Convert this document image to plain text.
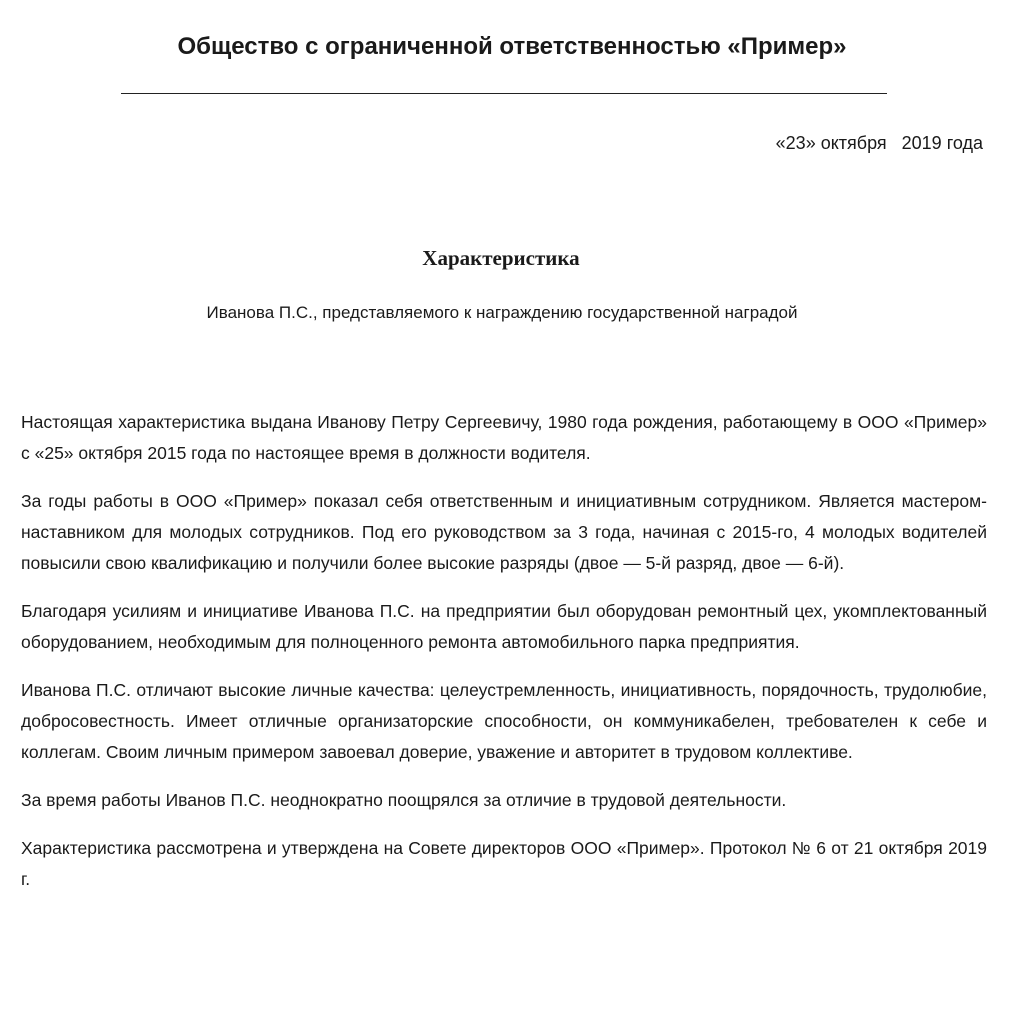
Общество с ограниченной ответственностью «Пример»
«23» октября   2019 года
Характеристика
Иванова П.С., представляемого к награждению государственной наградой

Настоящая характеристика выдана Иванову Петру Сергеевичу, 1980 года рождения, работающему в ООО «Пример» с «25» октября 2015 года по настоящее время в должности водителя.

За годы работы в ООО «Пример» показал себя ответственным и инициативным сотрудником. Является мастером-наставником для молодых сотрудников. Под его руководством за 3 года, начиная с 2015-го, 4 молодых водителей повысили свою квалификацию и получили более высокие разряды (двое — 5-й разряд, двое — 6-й).

Благодаря усилиям и инициативе Иванова П.С. на предприятии был оборудован ремонтный цех, укомплектованный оборудованием, необходимым для полноценного ремонта автомобильного парка предприятия.

Иванова П.С. отличают высокие личные качества: целеустремленность, инициативность, порядочность, трудолюбие, добросовестность. Имеет отличные организаторские способности, он коммуникабелен, требователен к себе и коллегам. Своим личным примером завоевал доверие, уважение и авторитет в трудовом коллективе.

За время работы Иванов П.С. неоднократно поощрялся за отличие в трудовой деятельности.

Характеристика рассмотрена и утверждена на Совете директоров ООО «Пример». Протокол № 6 от 21 октября 2019 г.
